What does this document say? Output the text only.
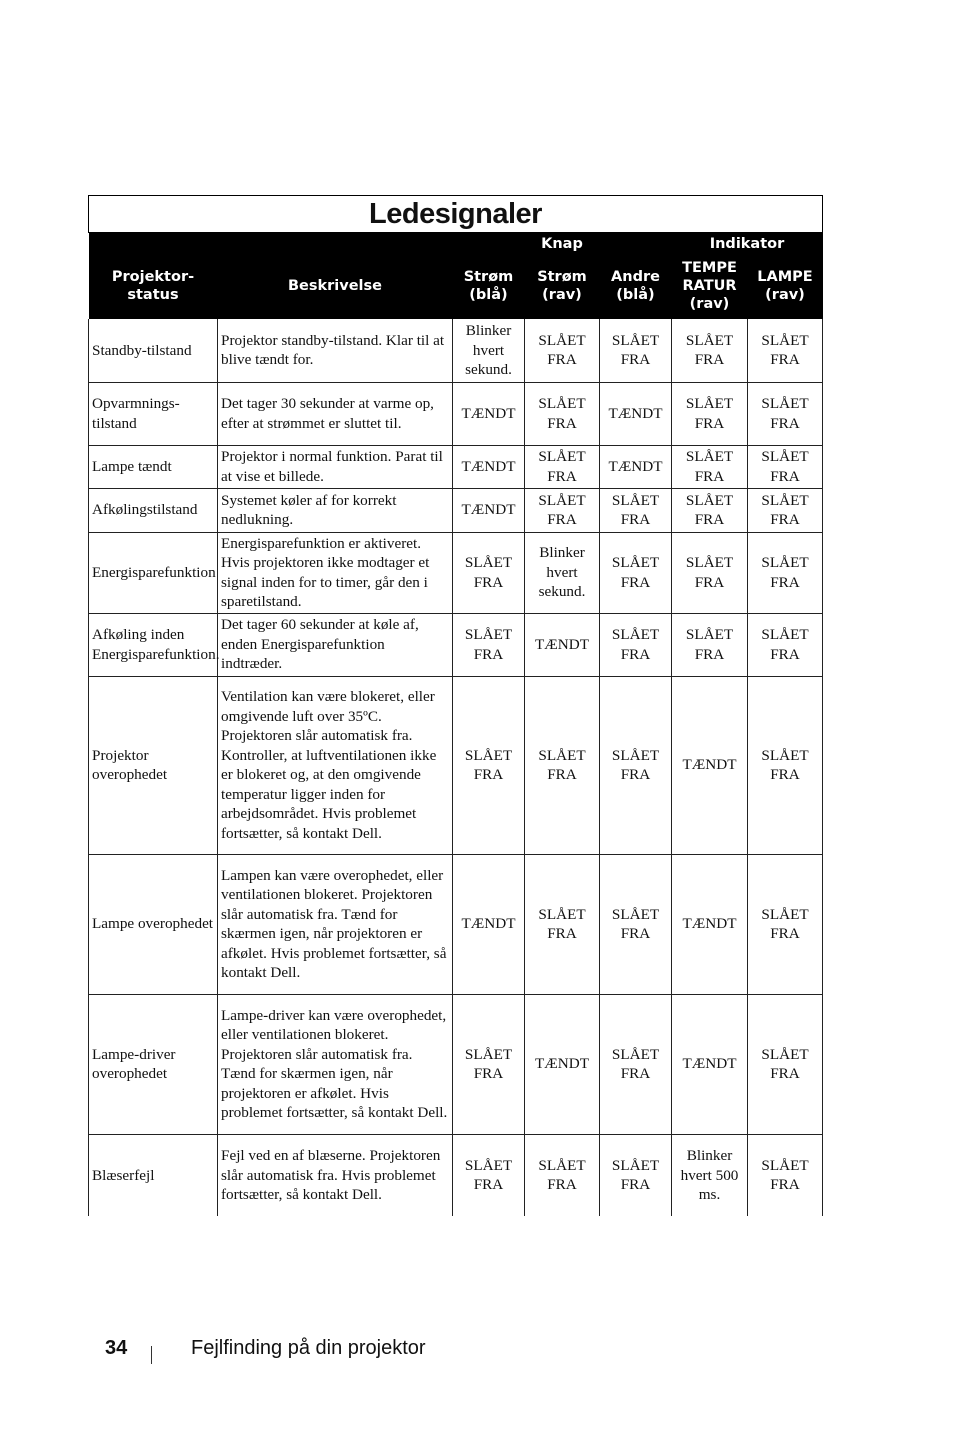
Ledesignaler						
			Knap		Indikator	
Projektor-status	Beskrivelse	Strøm (blå)	Strøm (rav)	Andre (blå)	TEMPE RATUR (rav)	LAMPE (rav)
Standby-tilstand	Projektor standby-tilstand. Klar til at blive tændt for.	Blinker hvert sekund.	SLÅET FRA	SLÅET FRA	SLÅET FRA	SLÅET FRA
Opvarmnings-tilstand	Det tager 30 sekunder at varme op, efter at strømmet er sluttet til.	TÆNDT	SLÅET FRA	TÆNDT	SLÅET FRA	SLÅET FRA
Lampe tændt	Projektor i normal funktion. Parat til at vise et billede.	TÆNDT	SLÅET FRA	TÆNDT	SLÅET FRA	SLÅET FRA
Afkølingstilstand	Systemet køler af for korrekt nedlukning.	TÆNDT	SLÅET FRA	SLÅET FRA	SLÅET FRA	SLÅET FRA
Energisparefunktion	Energisparefunktion er aktiveret. Hvis projektoren ikke modtager et signal inden for to timer, går den i sparetilstand.	SLÅET FRA	Blinker hvert sekund.	SLÅET FRA	SLÅET FRA	SLÅET FRA
Afkøling inden Energisparefunktion.	Det tager 60 sekunder at køle af, enden Energisparefunktion indtræder.	SLÅET FRA	TÆNDT	SLÅET FRA	SLÅET FRA	SLÅET FRA
Projektor overophedet	Ventilation kan være blokeret, eller omgivende luft over 35ºC. Projektoren slår automatisk fra. Kontroller, at luftventilationen ikke er blokeret og, at den omgivende temperatur ligger inden for arbejdsområdet. Hvis problemet fortsætter, så kontakt Dell.	SLÅET FRA	SLÅET FRA	SLÅET FRA	TÆNDT	SLÅET FRA
Lampe overophedet	Lampen kan være overophedet, eller ventilationen blokeret. Projektoren slår automatisk fra. Tænd for skærmen igen, når projektoren er afkølet. Hvis problemet fortsætter, så kontakt Dell.	TÆNDT	SLÅET FRA	SLÅET FRA	TÆNDT	SLÅET FRA
Lampe-driver overophedet	Lampe-driver kan være overophedet, eller ventilationen blokeret. Projektoren slår automatisk fra. Tænd for skærmen igen, når projektoren er afkølet. Hvis problemet fortsætter, så kontakt Dell.	SLÅET FRA	TÆNDT	SLÅET FRA	TÆNDT	SLÅET FRA
Blæserfejl	Fejl ved en af blæserne. Projektoren slår automatisk fra. Hvis problemet fortsætter, så kontakt Dell.	SLÅET FRA	SLÅET FRA	SLÅET FRA	Blinker hvert 500 ms.	SLÅET FRA
34	Fejlfinding på din projektor
